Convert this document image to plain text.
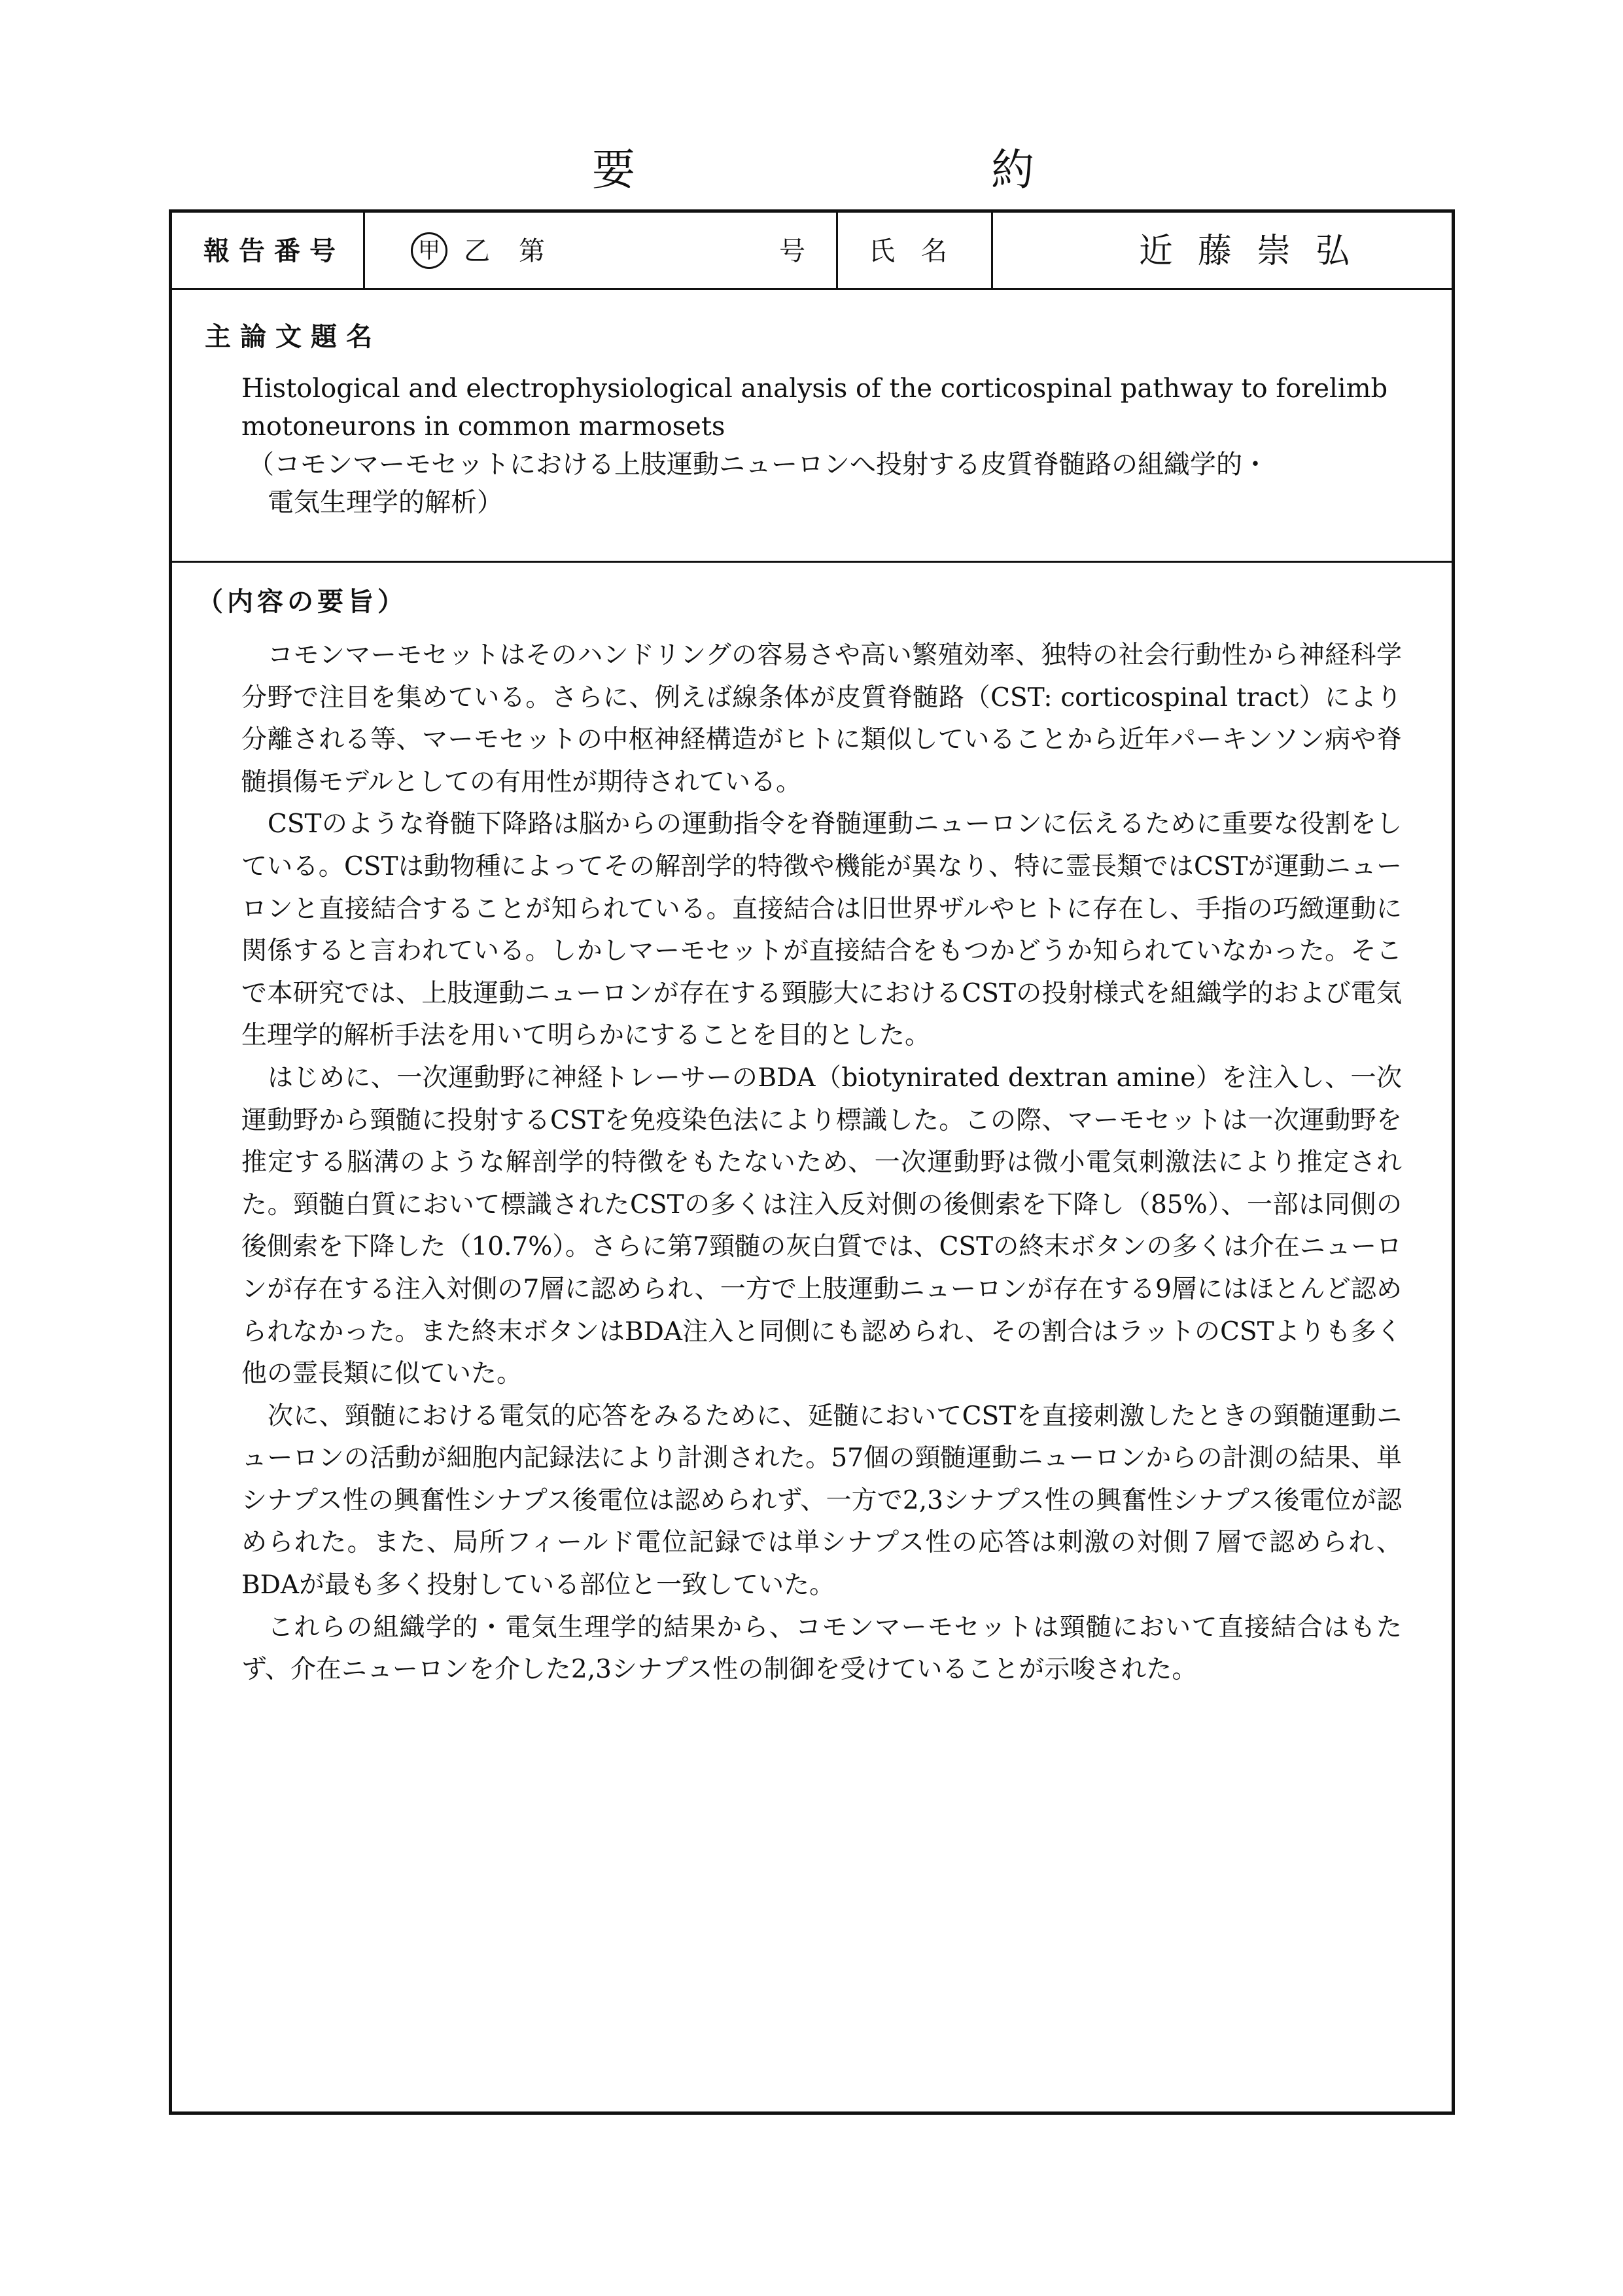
要	約
報告番号	甲 乙 第	号 氏　名	近藤崇弘
主論文題名

Histological and electrophysiological analysis of the corticospinal pathway to forelimb

motoneurons in common marmosets

（コモンマーモセットにおける上肢運動ニューロンへ投射する皮質脊髄路の組織学的・

電気生理学的解析）

（内容の要旨）

コモンマーモセットはそのハンドリングの容易さや高い繁殖効率、独特の社会行動性から神経科学分野で注目を集めている。さらに、例えば線条体が皮質脊髄路（CST: corticospinal tract）により分離される等、マーモセットの中枢神経構造がヒトに類似していることから近年パーキンソン病や脊髄損傷モデルとしての有用性が期待されている。

CSTのような脊髄下降路は脳からの運動指令を脊髄運動ニューロンに伝えるために重要な役割をしている。CSTは動物種によってその解剖学的特徴や機能が異なり、特に霊長類ではCSTが運動ニューロンと直接結合することが知られている。直接結合は旧世界ザルやヒトに存在し、手指の巧緻運動に関係すると言われている。しかしマーモセットが直接結合をもつかどうか知られていなかった。そこで本研究では、上肢運動ニューロンが存在する頸膨大におけるCSTの投射様式を組織学的および電気生理学的解析手法を用いて明らかにすることを目的とした。

はじめに、一次運動野に神経トレーサーのBDA（biotynirated dextran amine）を注入し、一次運動野から頸髄に投射するCSTを免疫染色法により標識した。この際、マーモセットは一次運動野を推定する脳溝のような解剖学的特徴をもたないため、一次運動野は微小電気刺激法により推定された。頸髄白質において標識されたCSTの多くは注入反対側の後側索を下降し（85%）、一部は同側の後側索を下降した（10.7%）。さらに第7頸髄の灰白質では、CSTの終末ボタンの多くは介在ニューロンが存在する注入対側の7層に認められ、一方で上肢運動ニューロンが存在する9層にはほとんど認められなかった。また終末ボタンはBDA注入と同側にも認められ、その割合はラットのCSTよりも多く他の霊長類に似ていた。

次に、頸髄における電気的応答をみるために、延髄においてCSTを直接刺激したときの頸髄運動ニューロンの活動が細胞内記録法により計測された。57個の頸髄運動ニューロンからの計測の結果、単シナプス性の興奮性シナプス後電位は認められず、一方で2,3シナプス性の興奮性シナプス後電位が認められた。また、局所フィールド電位記録では単シナプス性の応答は刺激の対側７層で認められ、BDAが最も多く投射している部位と一致していた。

これらの組織学的・電気生理学的結果から、コモンマーモセットは頸髄において直接結合はもたず、介在ニューロンを介した2,3シナプス性の制御を受けていることが示唆された。
